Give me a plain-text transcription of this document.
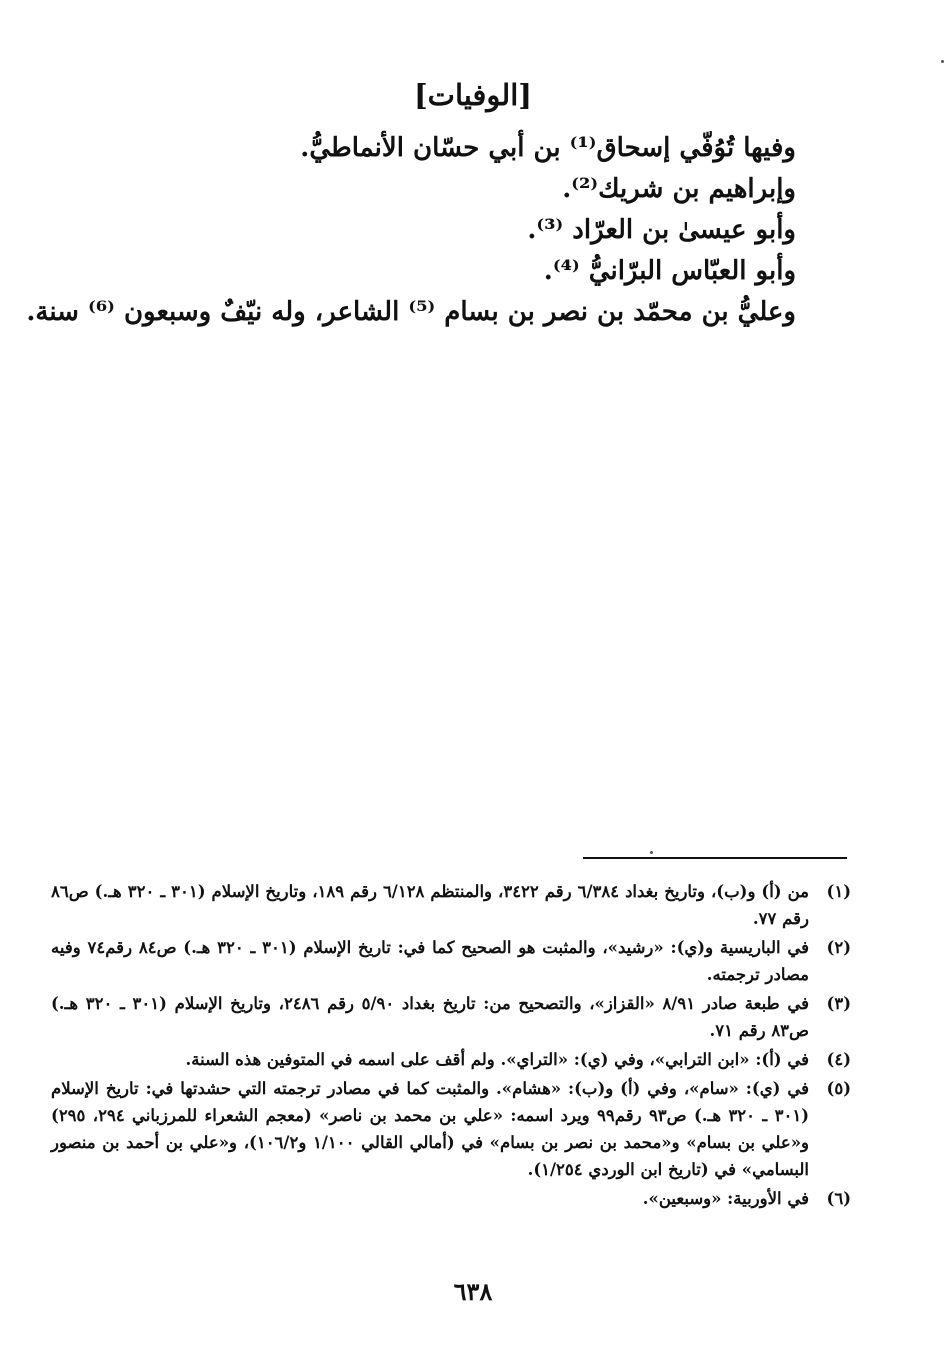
[الوفيات]
وفيها تُوُفّي إسحاق⁽¹⁾ بن أبي حسّان الأنماطيُّ.
وإبراهيم بن شريك⁽²⁾.
وأبو عيسىٰ بن العرّاد ⁽³⁾.
وأبو العبّاس البرّانيُّ ⁽⁴⁾.
وعليُّ بن محمّد بن نصر بن بسام ⁽⁵⁾ الشاعر، وله نيّفٌ وسبعون ⁽⁶⁾ سنة.
(١)
من (أ) و(ب)، وتاريخ بغداد ٦/٣٨٤ رقم ٣٤٢٢، والمنتظم ٦/١٢٨ رقم ١٨٩، وتاريخ الإسلام (٣٠١ ـ ٣٢٠ هـ.) ص٨٦ رقم ٧٧.
(٢)
في الباريسية و(ي): «رشيد»، والمثبت هو الصحيح كما في: تاريخ الإسلام (٣٠١ ـ ٣٢٠ هـ.) ص٨٤ رقم٧٤ وفيه مصادر ترجمته.
(٣)
في طبعة صادر ٨/٩١ «القزاز»، والتصحيح من: تاريخ بغداد ٥/٩٠ رقم ٢٤٨٦، وتاريخ الإسلام (٣٠١ ـ ٣٢٠ هـ.) ص٨٣ رقم ٧١.
(٤)
في (أ): «ابن الترابي»، وفي (ي): «التراي». ولم أقف على اسمه في المتوفين هذه السنة.
(٥)
في (ي): «سام»، وفي (أ) و(ب): «هشام». والمثبت كما في مصادر ترجمته التي حشدتها في: تاريخ الإسلام (٣٠١ ـ ٣٢٠ هـ.) ص٩٣ رقم٩٩ ويرد اسمه: «علي بن محمد بن ناصر» (معجم الشعراء للمرزباني ٢٩٤، ٢٩٥) و«علي بن بسام» و«محمد بن نصر بن بسام» في (أمالي القالي ١/١٠٠ و١٠٦/٢)، و«علي بن أحمد بن منصور البسامي» في (تاريخ ابن الوردي ١/٢٥٤).
(٦)
في الأوربية: «وسبعين».
٦٣٨
